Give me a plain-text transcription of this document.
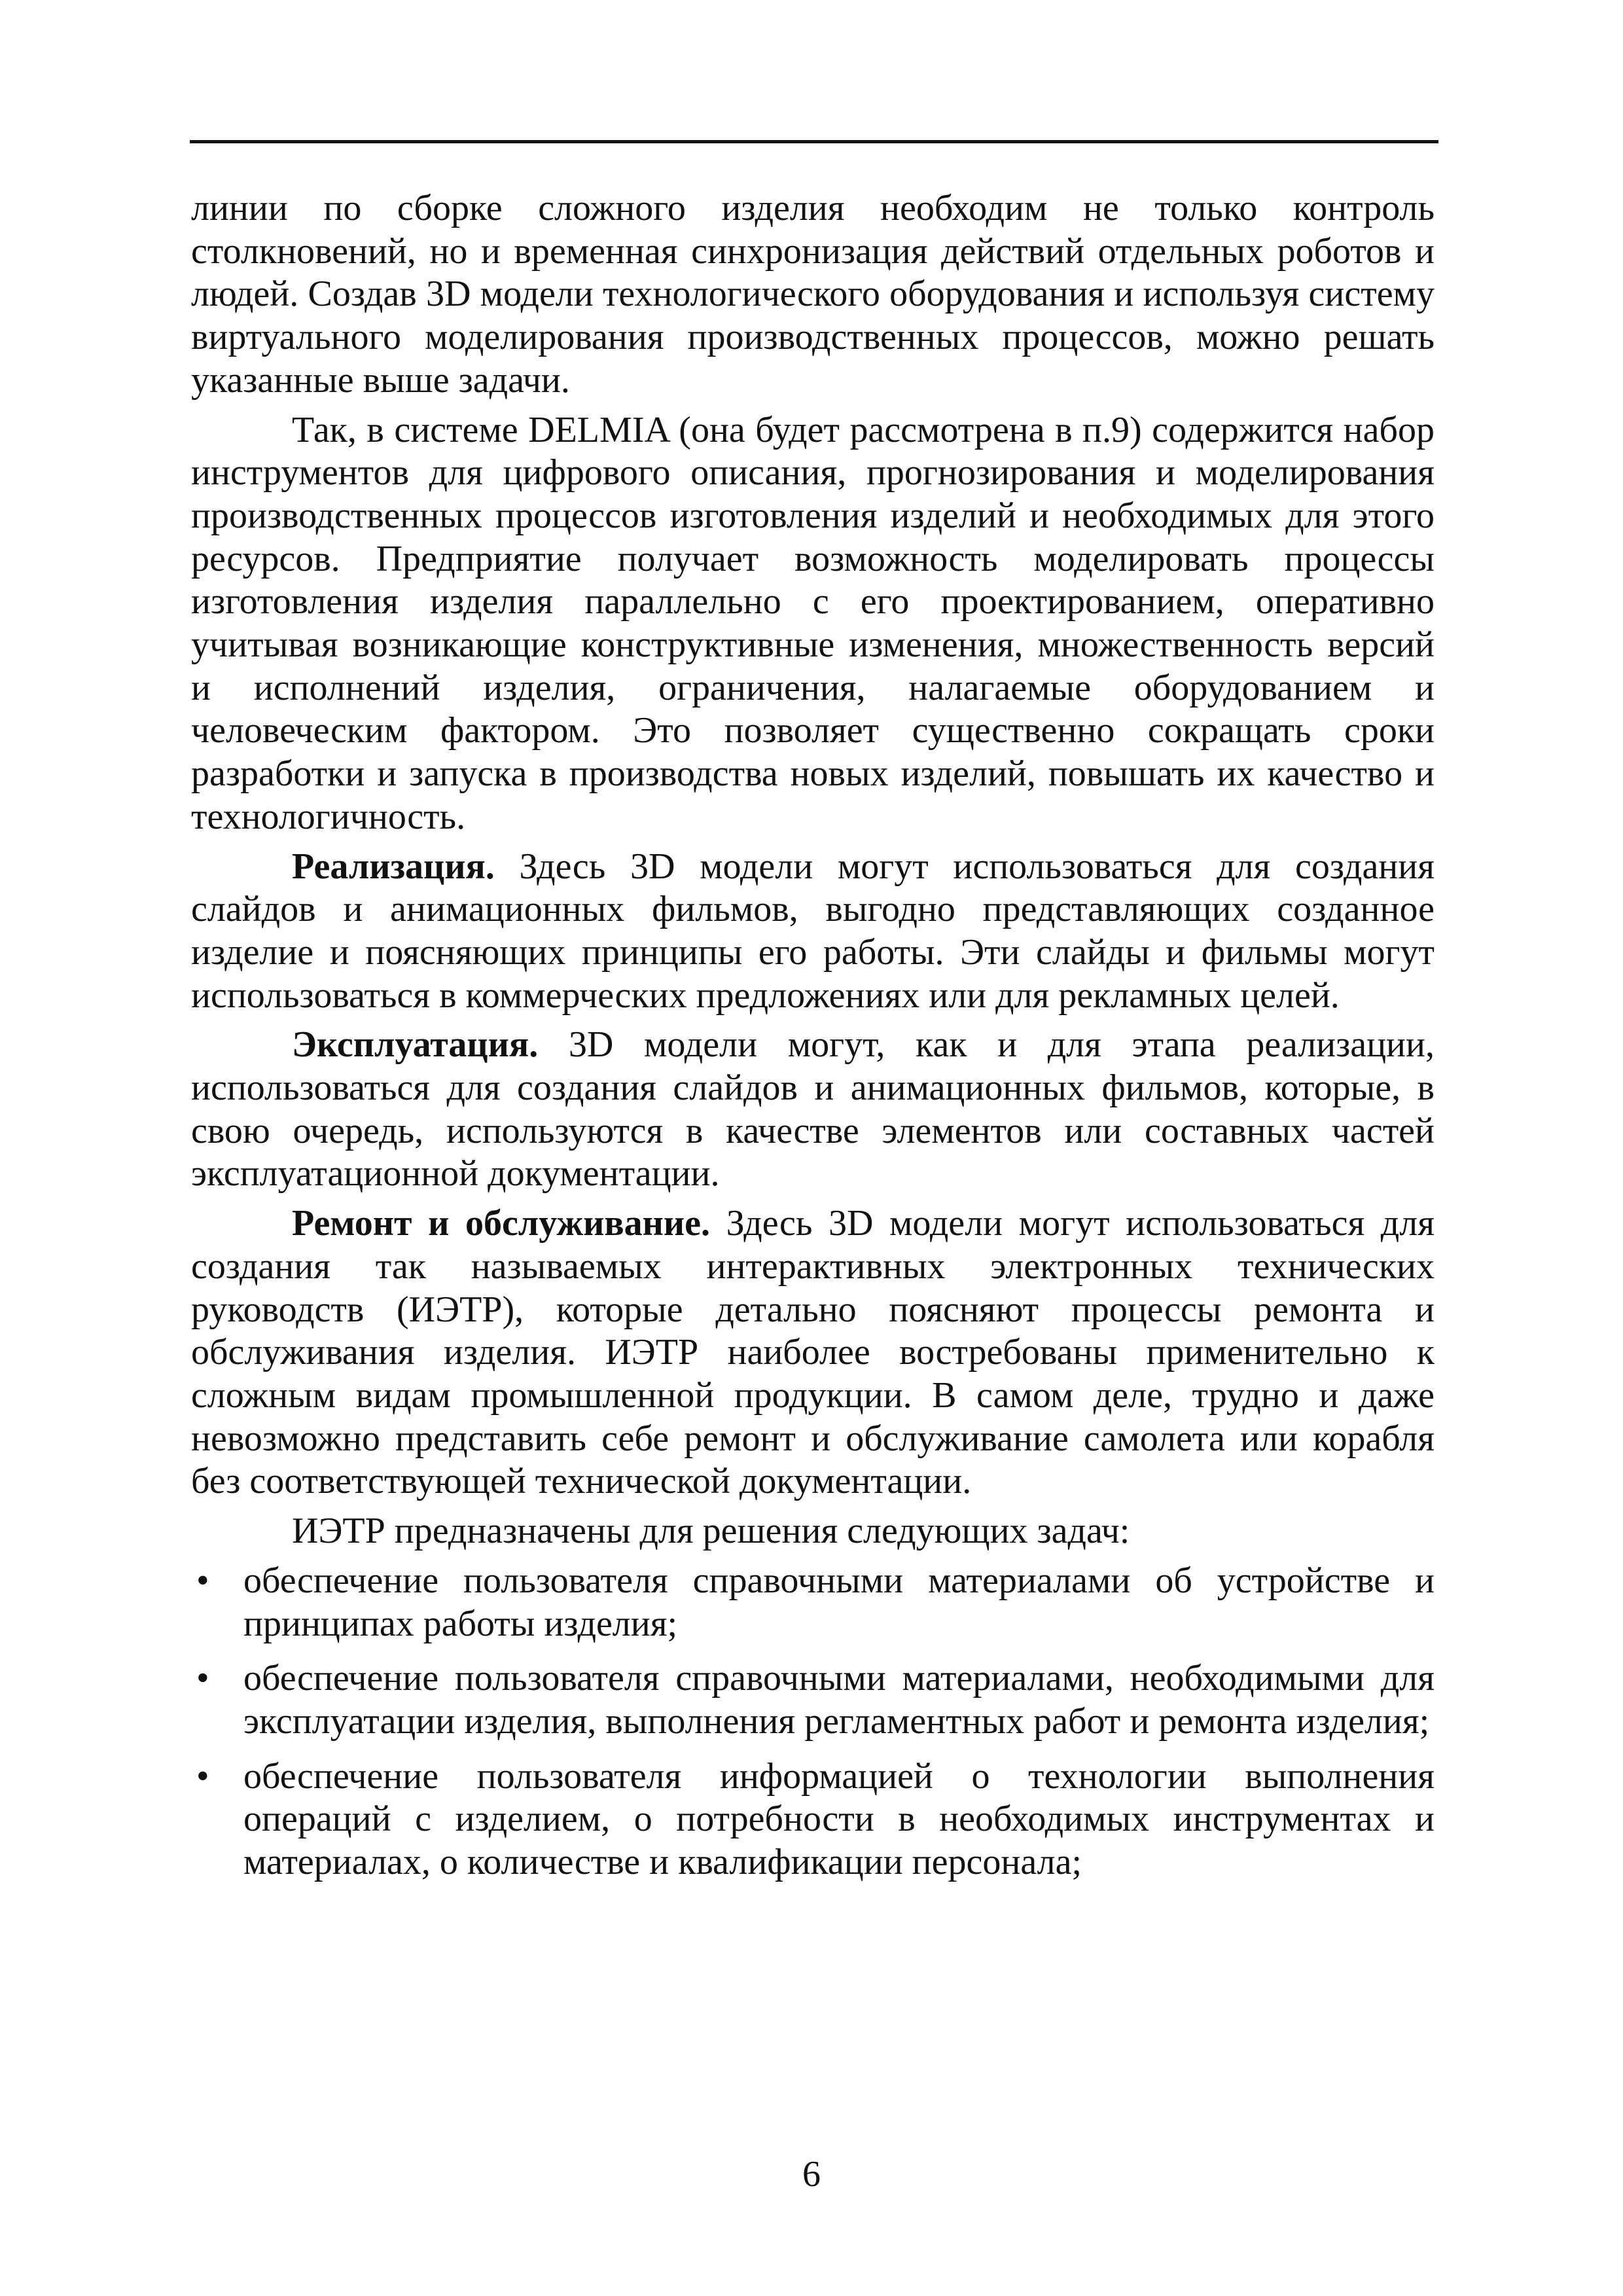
линии по сборке сложного изделия необходим не только контроль столкновений, но и временная синхронизация действий отдельных роботов и людей. Создав 3D модели технологического оборудования и используя систему виртуального моделирования производственных процессов, можно решать указанные выше задачи.

Так, в системе DELMIA (она будет рассмотрена в п.9) содержится набор инструментов для цифрового описания, прогнозирования и моделирования производственных процессов изготовления изделий и необходимых для этого ресурсов. Предприятие получает возможность моделировать процессы изготовления изделия параллельно с его проектированием, оперативно учитывая возникающие конструктивные изменения, множественность версий и исполнений изделия, ограничения, налагаемые оборудованием и человеческим фактором. Это позволяет существенно сокращать сроки разработки и запуска в производства новых изделий, повышать их качество и технологичность.

Реализация. Здесь 3D модели могут использоваться для создания слайдов и анимационных фильмов, выгодно представляющих созданное изделие и поясняющих принципы его работы. Эти слайды и фильмы могут использоваться в коммерческих предложениях или для рекламных целей.

Эксплуатация. 3D модели могут, как и для этапа реализации, использоваться для создания слайдов и анимационных фильмов, которые, в свою очередь, используются в качестве элементов или составных частей эксплуатационной документации.

Ремонт и обслуживание. Здесь 3D модели могут использоваться для создания так называемых интерактивных электронных технических руководств (ИЭТР), которые детально поясняют процессы ремонта и обслуживания изделия. ИЭТР наиболее востребованы применительно к сложным видам промышленной продукции. В самом деле, трудно и даже невозможно представить себе ремонт и обслуживание самолета или корабля без соответствующей технической документации.

ИЭТР предназначены для решения следующих задач:

• обеспечение пользователя справочными материалами об устройстве и принципах работы изделия;
• обеспечение пользователя справочными материалами, необходимыми для эксплуатации изделия, выполнения регламентных работ и ремонта изделия;
• обеспечение пользователя информацией о технологии выполнения операций с изделием, о потребности в необходимых инструментах и материалах, о количестве и квалификации персонала;
6
